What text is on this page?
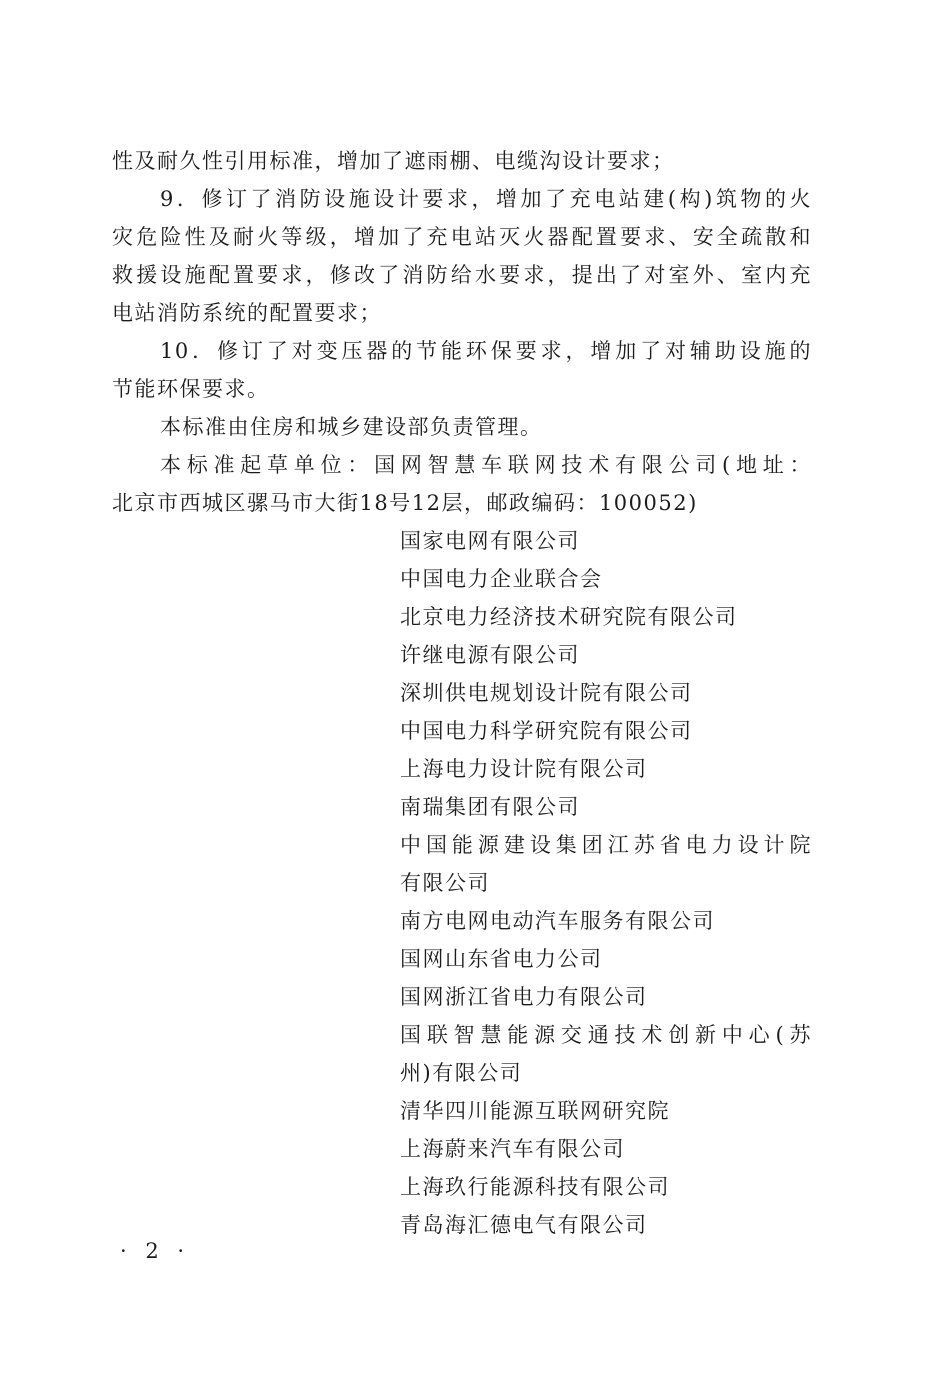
性及耐久性引用标准，增加了遮雨棚、电缆沟设计要求；
9．修订了消防设施设计要求，增加了充电站建(构)筑物的火
灾危险性及耐火等级，增加了充电站灭火器配置要求、安全疏散和
救援设施配置要求，修改了消防给水要求，提出了对室外、室内充
电站消防系统的配置要求；
10．修订了对变压器的节能环保要求，增加了对辅助设施的
节能环保要求。
本标准由住房和城乡建设部负责管理。
本标准起草单位：国网智慧车联网技术有限公司(地址：
北京市西城区骡马市大街18号12层，邮政编码：100052)
国家电网有限公司
中国电力企业联合会
北京电力经济技术研究院有限公司
许继电源有限公司
深圳供电规划设计院有限公司
中国电力科学研究院有限公司
上海电力设计院有限公司
南瑞集团有限公司
中国能源建设集团江苏省电力设计院
有限公司
南方电网电动汽车服务有限公司
国网山东省电力公司
国网浙江省电力有限公司
国联智慧能源交通技术创新中心(苏
州)有限公司
清华四川能源互联网研究院
上海蔚来汽车有限公司
上海玖行能源科技有限公司
青岛海汇德电气有限公司
· 2 ·
